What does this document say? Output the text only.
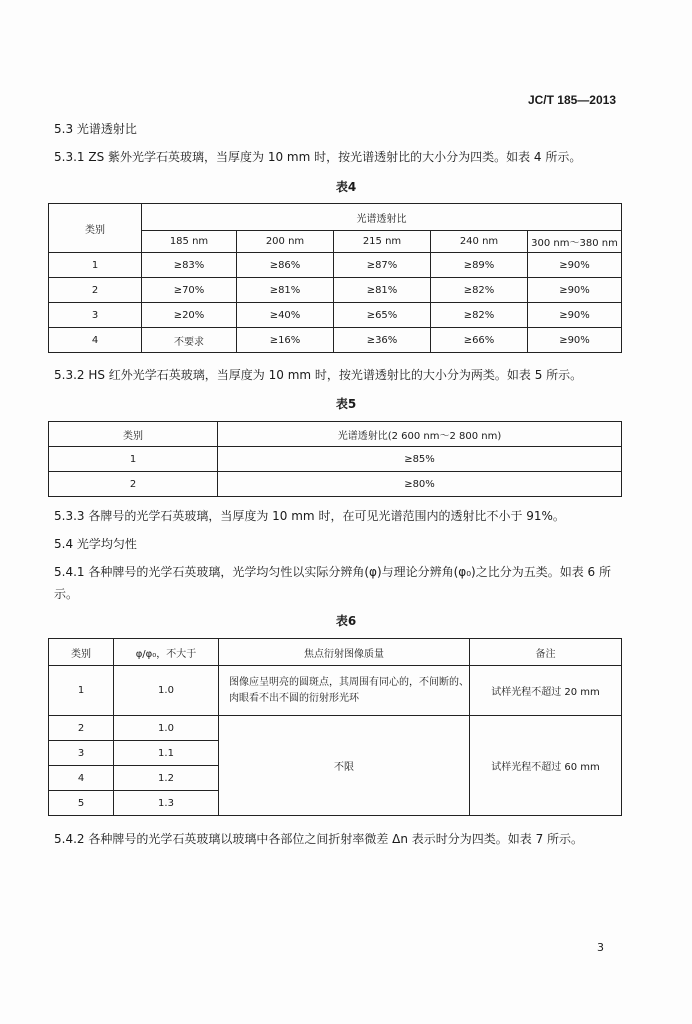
JC/T 185—2013
5.3 光谱透射比
5.3.1 ZS 紫外光学石英玻璃，当厚度为 10 mm 时，按光谱透射比的大小分为四类。如表 4 所示。
表4
类别	光谱透射比				
	185 nm	200 nm	215 nm	240 nm	300 nm～380 nm
1	≥83%	≥86%	≥87%	≥89%	≥90%
2	≥70%	≥81%	≥81%	≥82%	≥90%
3	≥20%	≥40%	≥65%	≥82%	≥90%
4	不要求	≥16%	≥36%	≥66%	≥90%
5.3.2 HS 红外光学石英玻璃，当厚度为 10 mm 时，按光谱透射比的大小分为两类。如表 5 所示。
表5
类别	光谱透射比(2 600 nm～2 800 nm)
1	≥85%
2	≥80%
5.3.3 各牌号的光学石英玻璃，当厚度为 10 mm 时，在可见光谱范围内的透射比不小于 91%。
5.4 光学均匀性
5.4.1 各种牌号的光学石英玻璃，光学均匀性以实际分辨角(φ)与理论分辨角(φ₀)之比分为五类。如表 6 所示。
表6
类别	φ/φ₀，不大于	焦点衍射图像质量	备注
1	1.0	图像应呈明亮的圆斑点，其周围有同心的，不间断的、肉眼看不出不圆的衍射形光环	试样光程不超过 20 mm
2	1.0	不限	试样光程不超过 60 mm
3	1.1		
4	1.2		
5	1.3		
5.4.2 各种牌号的光学石英玻璃以玻璃中各部位之间折射率微差 Δn 表示时分为四类。如表 7 所示。
3
